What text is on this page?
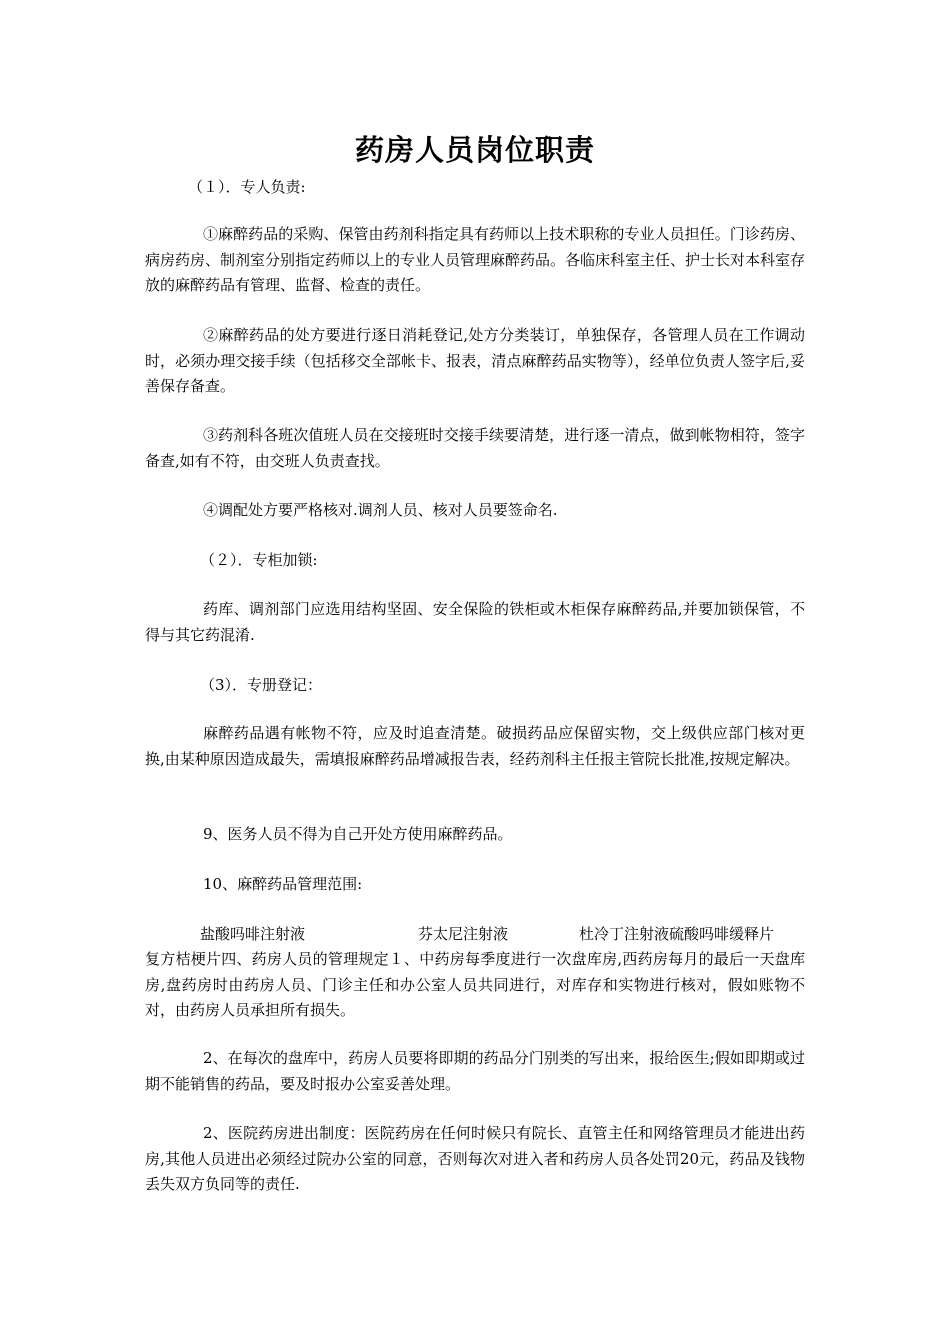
药房人员岗位职责
（１）．专人负责:

①麻醉药品的采购、保管由药剂科指定具有药师以上技术职称的专业人员担任。门诊药房、病房药房、制剂室分别指定药师以上的专业人员管理麻醉药品。各临床科室主任、护士长对本科室存放的麻醉药品有管理、监督、检查的责任。

②麻醉药品的处方要进行逐日消耗登记,处方分类装订，单独保存，各管理人员在工作调动时，必须办理交接手续（包括移交全部帐卡、报表，清点麻醉药品实物等），经单位负责人签字后,妥善保存备查。

③药剂科各班次值班人员在交接班时交接手续要清楚，进行逐一清点，做到帐物相符，签字备查,如有不符，由交班人负责查找。

④调配处方要严格核对.调剂人员、核对人员要签命名.

（２）．专柜加锁:

药库、调剂部门应选用结构坚固、安全保险的铁柜或木柜保存麻醉药品,并要加锁保管，不得与其它药混淆.

（3）．专册登记：

麻醉药品遇有帐物不符，应及时追查清楚。破损药品应保留实物，交上级供应部门核对更换,由某种原因造成最失，需填报麻醉药品增减报告表，经药剂科主任报主管院长批准,按规定解决。

9、医务人员不得为自己开处方使用麻醉药品。

10、麻醉药品管理范围:

盐酸吗啡注射液	芬太尼注射液	杜冷丁注射液硫酸吗啡缓释片

复方桔梗片四、药房人员的管理规定１、中药房每季度进行一次盘库房,西药房每月的最后一天盘库房,盘药房时由药房人员、门诊主任和办公室人员共同进行，对库存和实物进行核对，假如账物不对，由药房人员承担所有损失。

2、在每次的盘库中，药房人员要将即期的药品分门别类的写出来，报给医生;假如即期或过期不能销售的药品，要及时报办公室妥善处理。

2、医院药房进出制度：医院药房在任何时候只有院长、直管主任和网络管理员才能进出药房,其他人员进出必须经过院办公室的同意，否则每次对进入者和药房人员各处罚20元，药品及钱物丢失双方负同等的责任.
